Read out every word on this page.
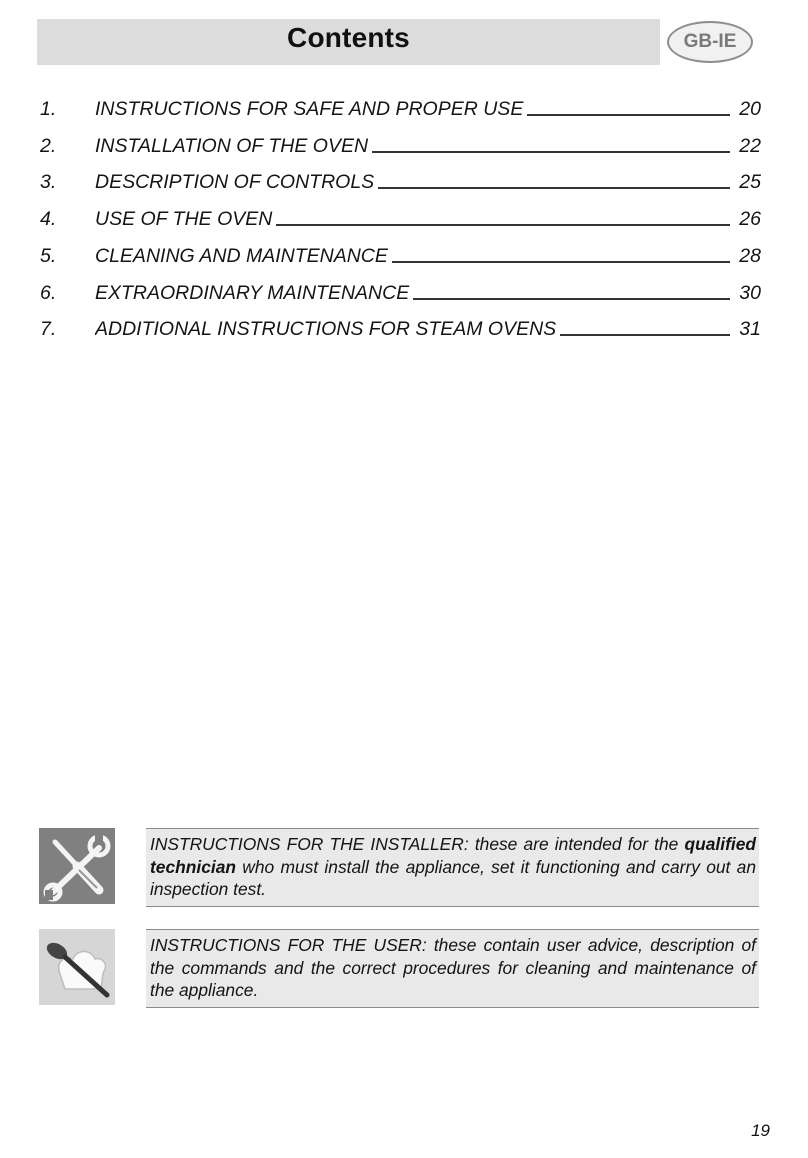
Contents	GB-IE
1. INSTRUCTIONS FOR SAFE AND PROPER USE	20
2. INSTALLATION OF THE OVEN	22
3. DESCRIPTION OF CONTROLS	25
4. USE OF THE OVEN	26
5. CLEANING AND MAINTENANCE	28
6. EXTRAORDINARY MAINTENANCE	30
7. ADDITIONAL INSTRUCTIONS FOR STEAM OVENS	31
INSTRUCTIONS FOR THE INSTALLER: these are intended for the qualified technician who must install the appliance, set it functioning and carry out an inspection test.
INSTRUCTIONS FOR THE USER: these contain user advice, description of the commands and the correct procedures for cleaning and maintenance of the appliance.
19
